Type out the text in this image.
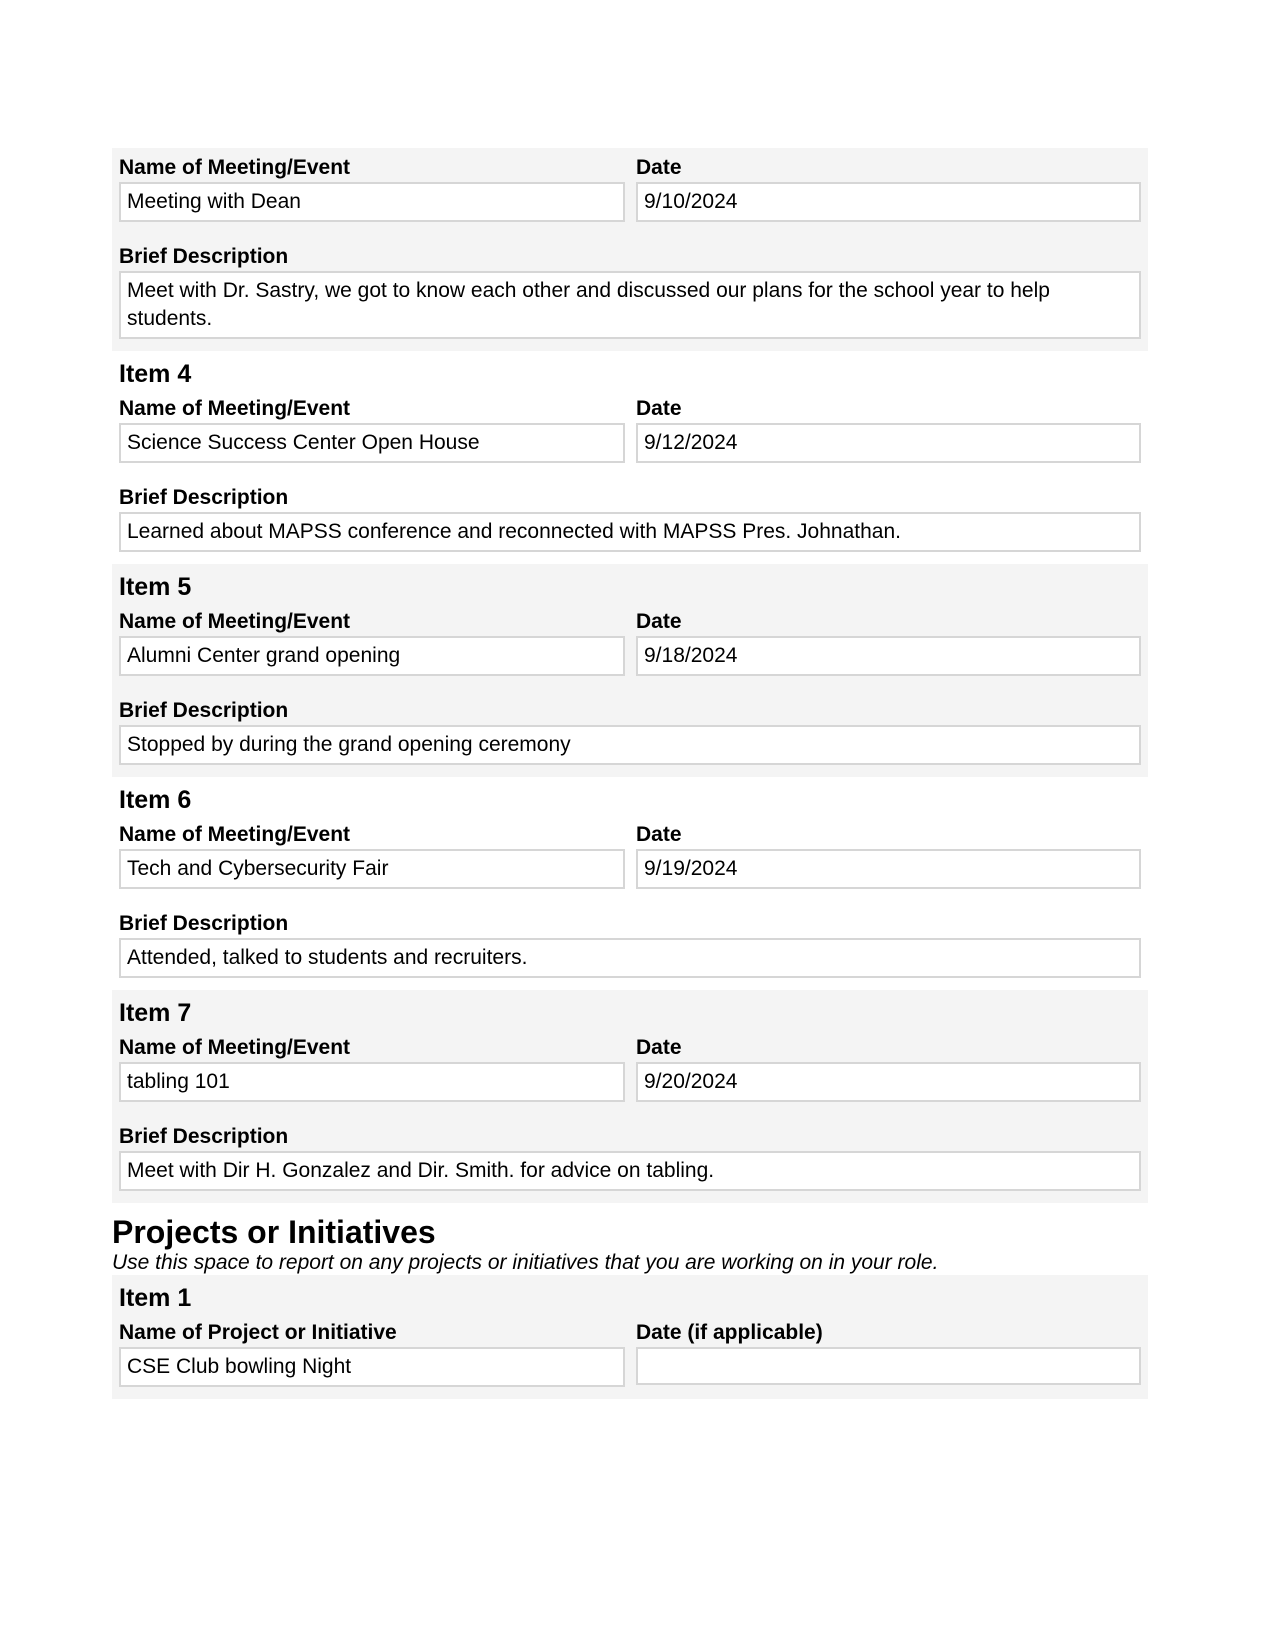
Name of Meeting/Event
Meeting with Dean
Date
9/10/2024
Brief Description
Meet with Dr. Sastry, we got to know each other and discussed our plans for the school year to help students.
Item 4
Name of Meeting/Event
Science Success Center Open House
Date
9/12/2024
Brief Description
Learned about MAPSS conference and reconnected with MAPSS Pres. Johnathan.
Item 5
Name of Meeting/Event
Alumni Center grand opening
Date
9/18/2024
Brief Description
Stopped by during the grand opening ceremony
Item 6
Name of Meeting/Event
Tech and Cybersecurity Fair
Date
9/19/2024
Brief Description
Attended, talked to students and recruiters.
Item 7
Name of Meeting/Event
tabling 101
Date
9/20/2024
Brief Description
Meet with Dir H. Gonzalez and Dir. Smith. for advice on tabling.
Projects or Initiatives
Use this space to report on any projects or initiatives that you are working on in your role.
Item 1
Name of Project or Initiative
CSE Club bowling Night
Date (if applicable)
